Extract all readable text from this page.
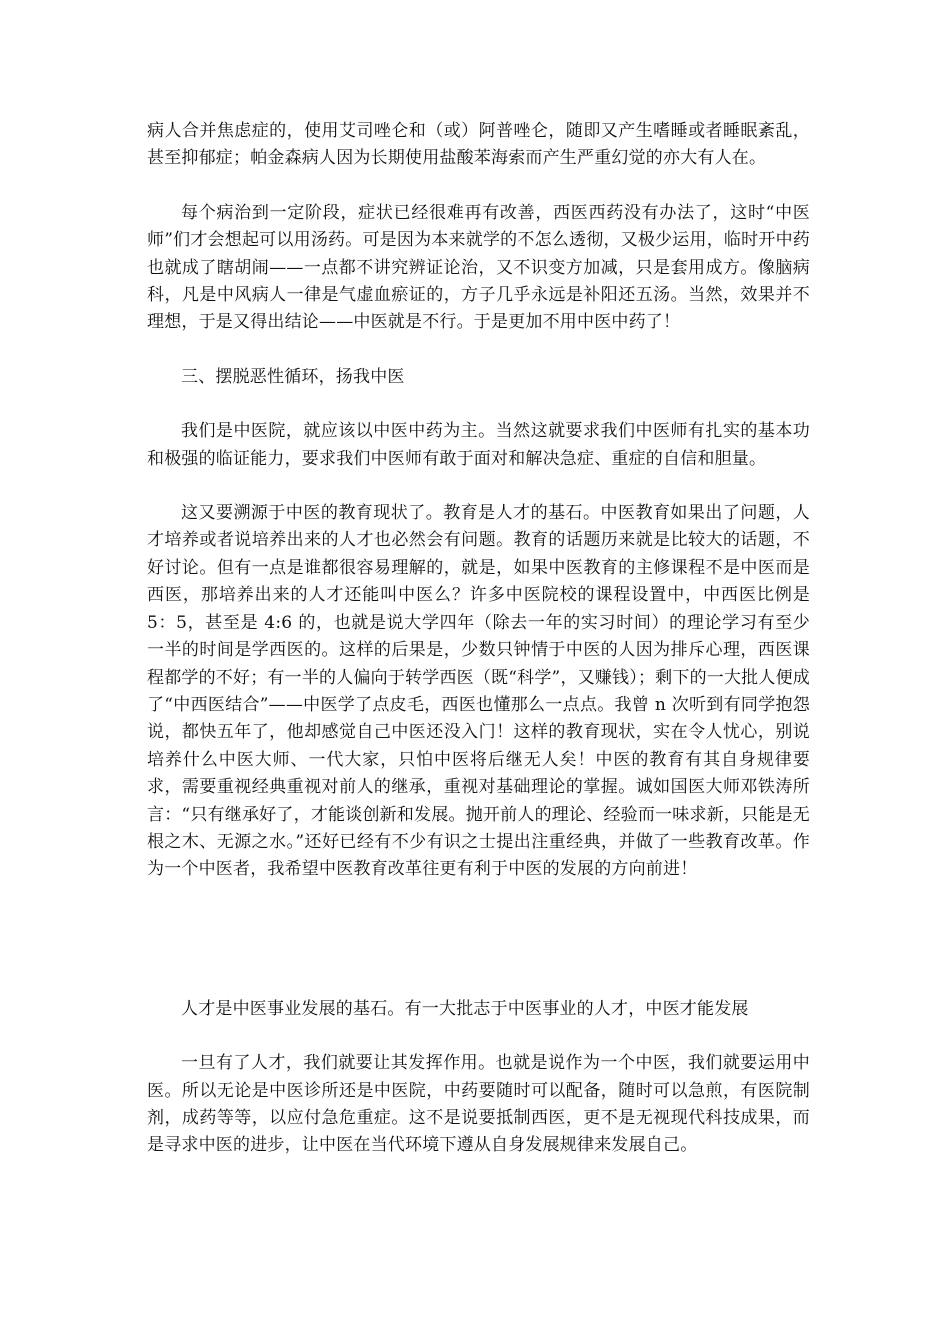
病人合并焦虑症的，使用艾司唑仑和（或）阿普唑仑，随即又产生嗜睡或者睡眠紊乱，甚至抑郁症；帕金森病人因为长期使用盐酸苯海索而产生严重幻觉的亦大有人在。

每个病治到一定阶段，症状已经很难再有改善，西医西药没有办法了，这时“中医师”们才会想起可以用汤药。可是因为本来就学的不怎么透彻，又极少运用，临时开中药也就成了瞎胡闹——一点都不讲究辨证论治，又不识变方加减，只是套用成方。像脑病科，凡是中风病人一律是气虚血瘀证的，方子几乎永远是补阳还五汤。当然，效果并不理想，于是又得出结论——中医就是不行。于是更加不用中医中药了！

三、摆脱恶性循环，扬我中医

我们是中医院，就应该以中医中药为主。当然这就要求我们中医师有扎实的基本功和极强的临证能力，要求我们中医师有敢于面对和解决急症、重症的自信和胆量。

这又要溯源于中医的教育现状了。教育是人才的基石。中医教育如果出了问题，人才培养或者说培养出来的人才也必然会有问题。教育的话题历来就是比较大的话题，不好讨论。但有一点是谁都很容易理解的，就是，如果中医教育的主修课程不是中医而是西医，那培养出来的人才还能叫中医么？许多中医院校的课程设置中，中西医比例是 5：5，甚至是 4:6 的，也就是说大学四年（除去一年的实习时间）的理论学习有至少一半的时间是学西医的。这样的后果是，少数只钟情于中医的人因为排斥心理，西医课程都学的不好；有一半的人偏向于转学西医（既“科学”，又赚钱）；剩下的一大批人便成了“中西医结合”——中医学了点皮毛，西医也懂那么一点点。我曾 n 次听到有同学抱怨说，都快五年了，他却感觉自己中医还没入门！这样的教育现状，实在令人忧心，别说培养什么中医大师、一代大家，只怕中医将后继无人矣！中医的教育有其自身规律要求，需要重视经典重视对前人的继承，重视对基础理论的掌握。诚如国医大师邓铁涛所言：“只有继承好了，才能谈创新和发展。抛开前人的理论、经验而一味求新，只能是无根之木、无源之水。”还好已经有不少有识之士提出注重经典，并做了一些教育改革。作为一个中医者，我希望中医教育改革往更有利于中医的发展的方向前进！

人才是中医事业发展的基石。有一大批志于中医事业的人才，中医才能发展

一旦有了人才，我们就要让其发挥作用。也就是说作为一个中医，我们就要运用中医。所以无论是中医诊所还是中医院，中药要随时可以配备，随时可以急煎，有医院制剂，成药等等，以应付急危重症。这不是说要抵制西医，更不是无视现代科技成果，而是寻求中医的进步，让中医在当代环境下遵从自身发展规律来发展自己。
